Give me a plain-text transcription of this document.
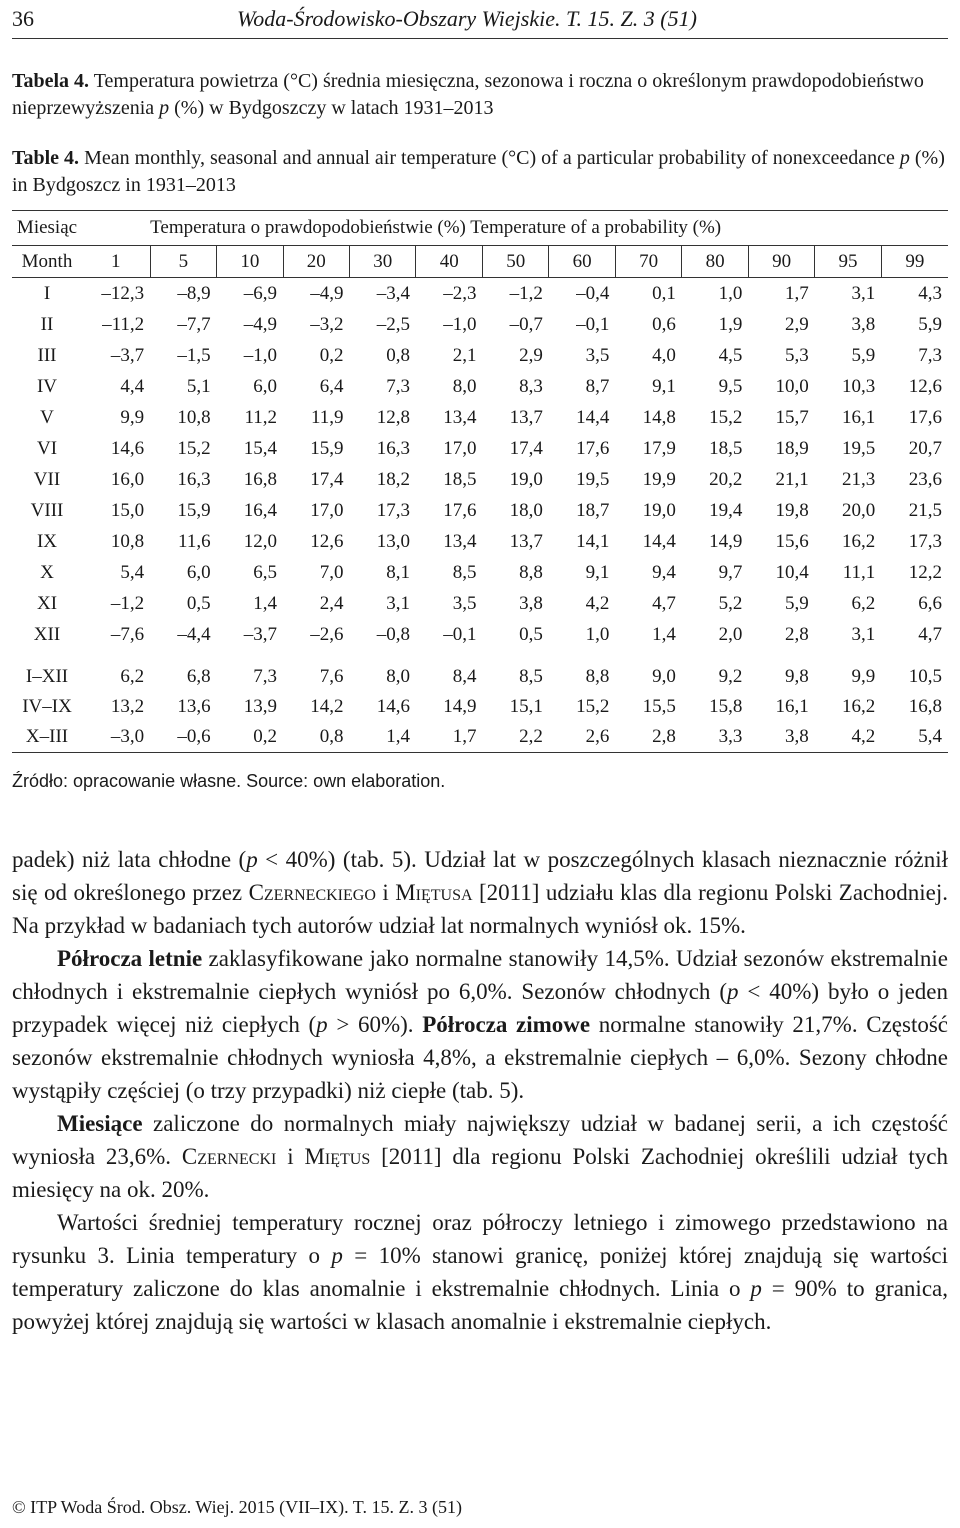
36	Woda-Środowisko-Obszary Wiejskie. T. 15. Z. 3 (51)
Tabela 4. Temperatura powietrza (°C) średnia miesięczna, sezonowa i roczna o określonym prawdopodobieństwo nieprzewyższenia p (%) w Bydgoszczy w latach 1931‒2013
Table 4. Mean monthly, seasonal and annual air temperature (°C) of a particular probability of nonexceedance p (%) in Bydgoszcz in 1931‒2013
Miesiąc		Temperatura o prawdopodobieństwie (%) Temperature of a probability (%)											
Month	1	5	10	20	30	40	50	60	70	80	90	95	99
I	‒12,3	‒8,9	‒6,9	‒4,9	‒3,4	‒2,3	‒1,2	‒0,4	0,1	1,0	1,7	3,1	4,3
II	‒11,2	‒7,7	‒4,9	‒3,2	‒2,5	‒1,0	‒0,7	‒0,1	0,6	1,9	2,9	3,8	5,9
III	‒3,7	‒1,5	‒1,0	0,2	0,8	2,1	2,9	3,5	4,0	4,5	5,3	5,9	7,3
IV	4,4	5,1	6,0	6,4	7,3	8,0	8,3	8,7	9,1	9,5	10,0	10,3	12,6
V	9,9	10,8	11,2	11,9	12,8	13,4	13,7	14,4	14,8	15,2	15,7	16,1	17,6
VI	14,6	15,2	15,4	15,9	16,3	17,0	17,4	17,6	17,9	18,5	18,9	19,5	20,7
VII	16,0	16,3	16,8	17,4	18,2	18,5	19,0	19,5	19,9	20,2	21,1	21,3	23,6
VIII	15,0	15,9	16,4	17,0	17,3	17,6	18,0	18,7	19,0	19,4	19,8	20,0	21,5
IX	10,8	11,6	12,0	12,6	13,0	13,4	13,7	14,1	14,4	14,9	15,6	16,2	17,3
X	5,4	6,0	6,5	7,0	8,1	8,5	8,8	9,1	9,4	9,7	10,4	11,1	12,2
XI	‒1,2	0,5	1,4	2,4	3,1	3,5	3,8	4,2	4,7	5,2	5,9	6,2	6,6
XII	‒7,6	‒4,4	‒3,7	‒2,6	‒0,8	‒0,1	0,5	1,0	1,4	2,0	2,8	3,1	4,7

I‒XII	6,2	6,8	7,3	7,6	8,0	8,4	8,5	8,8	9,0	9,2	9,8	9,9	10,5
IV‒IX	13,2	13,6	13,9	14,2	14,6	14,9	15,1	15,2	15,5	15,8	16,1	16,2	16,8
X‒III	‒3,0	‒0,6	0,2	0,8	1,4	1,7	2,2	2,6	2,8	3,3	3,8	4,2	5,4
Źródło: opracowanie własne. Source: own elaboration.

padek) niż lata chłodne (p < 40%) (tab. 5). Udział lat w poszczególnych klasach nieznacznie różnił się od określonego przez Czerneckiego i Miętusa [2011] udziału klas dla regionu Polski Zachodniej. Na przykład w badaniach tych autorów udział lat normalnych wyniósł ok. 15%.

Półrocza letnie zaklasyfikowane jako normalne stanowiły 14,5%. Udział sezonów ekstremalnie chłodnych i ekstremalnie ciepłych wyniósł po 6,0%. Sezonów chłodnych (p < 40%) było o jeden przypadek więcej niż ciepłych (p > 60%). Półrocza zimowe normalne stanowiły 21,7%. Częstość sezonów ekstremalnie chłodnych wyniosła 4,8%, a ekstremalnie ciepłych ‒ 6,0%. Sezony chłodne wystąpiły częściej (o trzy przypadki) niż ciepłe (tab. 5).

Miesiące zaliczone do normalnych miały największy udział w badanej serii, a ich częstość wyniosła 23,6%. Czernecki i Miętus [2011] dla regionu Polski Zachodniej określili udział tych miesięcy na ok. 20%.

Wartości średniej temperatury rocznej oraz półroczy letniego i zimowego przedstawiono na rysunku 3. Linia temperatury o p = 10% stanowi granicę, poniżej której znajdują się wartości temperatury zaliczone do klas anomalnie i ekstremalnie chłodnych. Linia o p = 90% to granica, powyżej której znajdują się wartości w klasach anomalnie i ekstremalnie ciepłych.

© ITP Woda Środ. Obsz. Wiej. 2015 (VII–IX). T. 15. Z. 3 (51)
